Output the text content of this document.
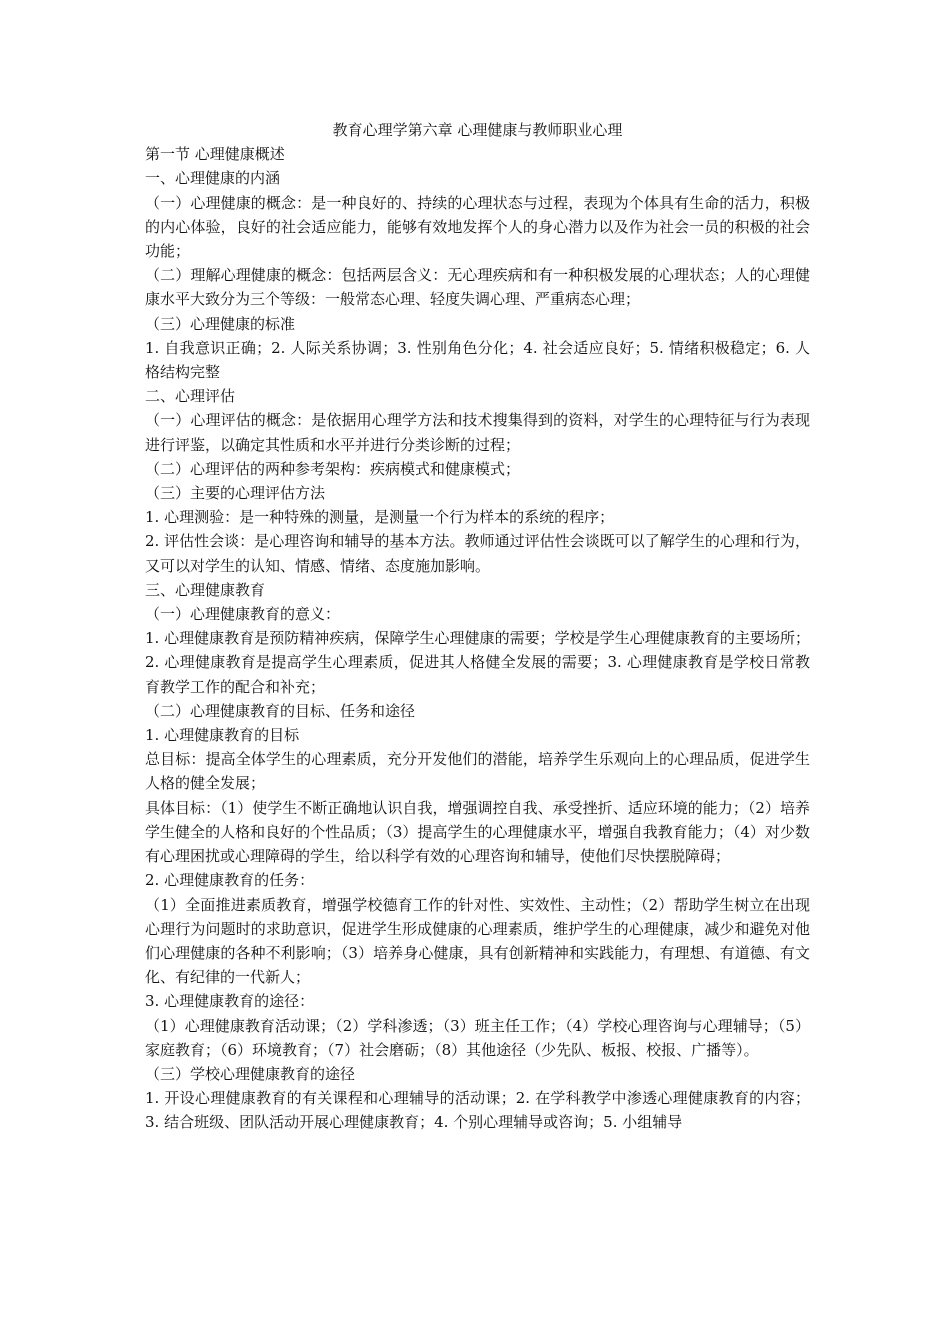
教育心理学第六章 心理健康与教师职业心理

第一节 心理健康概述

一、心理健康的内涵

（一）心理健康的概念：是一种良好的、持续的心理状态与过程，表现为个体具有生命的活力，积极的内心体验，良好的社会适应能力，能够有效地发挥个人的身心潜力以及作为社会一员的积极的社会功能；

（二）理解心理健康的概念：包括两层含义：无心理疾病和有一种积极发展的心理状态；人的心理健康水平大致分为三个等级：一般常态心理、轻度失调心理、严重病态心理；

（三）心理健康的标准

1. 自我意识正确；2. 人际关系协调；3. 性别角色分化；4. 社会适应良好；5. 情绪积极稳定；6. 人格结构完整

二、心理评估

（一）心理评估的概念：是依据用心理学方法和技术搜集得到的资料，对学生的心理特征与行为表现进行评鉴，以确定其性质和水平并进行分类诊断的过程；

（二）心理评估的两种参考架构：疾病模式和健康模式；

（三）主要的心理评估方法

1. 心理测验：是一种特殊的测量，是测量一个行为样本的系统的程序；

2. 评估性会谈：是心理咨询和辅导的基本方法。教师通过评估性会谈既可以了解学生的心理和行为，又可以对学生的认知、情感、情绪、态度施加影响。

三、心理健康教育

（一）心理健康教育的意义：

1. 心理健康教育是预防精神疾病，保障学生心理健康的需要；学校是学生心理健康教育的主要场所；2. 心理健康教育是提高学生心理素质，促进其人格健全发展的需要；3. 心理健康教育是学校日常教育教学工作的配合和补充；

（二）心理健康教育的目标、任务和途径

1. 心理健康教育的目标

总目标：提高全体学生的心理素质，充分开发他们的潜能，培养学生乐观向上的心理品质，促进学生人格的健全发展；

具体目标：（1）使学生不断正确地认识自我，增强调控自我、承受挫折、适应环境的能力；（2）培养学生健全的人格和良好的个性品质；（3）提高学生的心理健康水平，增强自我教育能力；（4）对少数有心理困扰或心理障碍的学生，给以科学有效的心理咨询和辅导，使他们尽快摆脱障碍；

2. 心理健康教育的任务：

（1）全面推进素质教育，增强学校德育工作的针对性、实效性、主动性；（2）帮助学生树立在出现心理行为问题时的求助意识，促进学生形成健康的心理素质，维护学生的心理健康，减少和避免对他们心理健康的各种不利影响；（3）培养身心健康，具有创新精神和实践能力，有理想、有道德、有文化、有纪律的一代新人；

3. 心理健康教育的途径：

（1）心理健康教育活动课；（2）学科渗透；（3）班主任工作；（4）学校心理咨询与心理辅导；（5）家庭教育；（6）环境教育；（7）社会磨砺；（8）其他途径（少先队、板报、校报、广播等）。

（三）学校心理健康教育的途径

1. 开设心理健康教育的有关课程和心理辅导的活动课；2. 在学科教学中渗透心理健康教育的内容；3. 结合班级、团队活动开展心理健康教育；4. 个别心理辅导或咨询；5. 小组辅导
